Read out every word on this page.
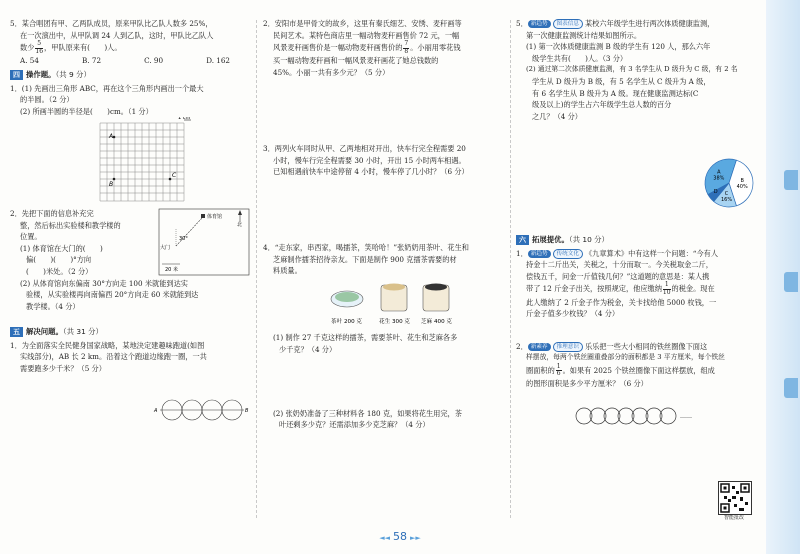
5．某合唱团有甲、乙两队成员，原来甲队比乙队人数多 25%，

在一次演出中，从甲队调 24 人到乙队，这时，甲队比乙队人

数少 $\frac{5}{16}$ ，甲队原来有(　　)人。

A. 54	B. 72	C. 90	D. 162
四 操作题。（共 9 分）

1．(1) 先画出三角形 ABC，再在这个三角形内画出一个最大

的半圆。（2 分）

(2) 所画半圆的半径是(　　)cm。（1 分）

A
B
C
1 cm

2．先把下面的信息补充完

整，然后标出实验楼和教学楼的

位置。

(1) 体育馆在大门的(　　)

偏(　　)(　　)°方向

(　　)米处。（2 分）

(2) 从体育馆向东偏南 30°方向走 100 米就能到达实

验楼，从实验楼再向南偏西 20°方向走 60 米就能到达

教学楼。（4 分）

北
体育馆
大门
30°
20 米
五 解决问题。（共 31 分）

1．为全面落实全民健身国家战略，某地決定建趣味跑道(如图

实线部分)，AB 长 2 km。沿着这个跑道边缘跑一圈，一共

需要跑多少千米？（5 分）

A	B

2．安阳市是甲骨文的故乡，这里有秦氏细艺、安绣、麦秆画等

民间艺术。某特色商店里一幅动物麦秆画售价 72 元，一幅

风景麦秆画售价是一幅动物麦秆画售价的 $\frac{7}{8}$ 。小丽用零花钱

买一幅动物麦秆画和一幅风景麦秆画花了她总钱数的

45%。小丽一共有多少元？（5 分）

3．两列火车同时从甲、乙两地相对开出，快车行完全程需要 20

小时，慢车行完全程需要 30 小时，开出 15 小时两车相遇。

已知相遇前快车中途停留 4 小时，慢车停了几小时？（6 分）

4．“走东家，串西家，喝擂茶，笑哈哈！”张奶奶用茶叶、花生和

芝麻制作擂茶招待亲友。下面是制作 900 克擂茶需要的材

料质量。

茶叶 200 克	花生 300 克 芝麻 400 克

(1) 制作 27 千克这样的擂茶，需要茶叶、花生和芝麻各多

少千克？（4 分）

(2) 张奶奶准备了三种材料各 180 克，如果将花生用完，茶

叶还剩多少克？还需添加多少克芝麻？（4 分）

5． 新趋势 图表信息 某校六年级学生进行两次体质健康监测，

第一次健康监测统计结果如图所示。

(1) 第一次体质健康监测 B 级的学生有 120 人，那么六年

级学生共有(　　)人。（3 分）

(2) 通过第二次体质健康监测，有 3 名学生从 D 级升为 C 级，有 2 名

学生从 D 级升为 B 级，有 5 名学生从 C 级升为 A 级，

有 6 名学生从 B 级升为 A 级。现在健康监测达标(C

级及以上)的学生占六年级学生总人数的百分

之几？（4 分）

A
38%	B
40%
C
16%
D
六 拓展提优。（共 10 分）

1． 新趋势 传统文化 《九章算术》中有这样一个问题：“今有人

持金十二斤出关，关税之，十分而取一。今关税取金二斤，

偿钱五千，问金一斤值钱几何？”这道题的意思是：某人携

带了 12 斤金子出关，按照规定，他应缴纳 $\frac{1}{10}$ 的税金。现在

此人缴纳了 2 斤金子作为税金，关卡找给他 5000 枚钱，一

斤金子值多少枚钱？（4 分）

2． 新素养 推理意识 乐乐把一些大小相同的铁丝圈像下面这

样摆放，每两个铁丝圈重叠部分的面积都是 3 平方厘米，每个铁丝

圈面积的 $\frac{1}{6}$ 。如果有 2025 个铁丝圈像下面这样摆放，组成

的图形面积是多少平方厘米？（6 分）

……
智能批改
◄◄ 58 ►►
